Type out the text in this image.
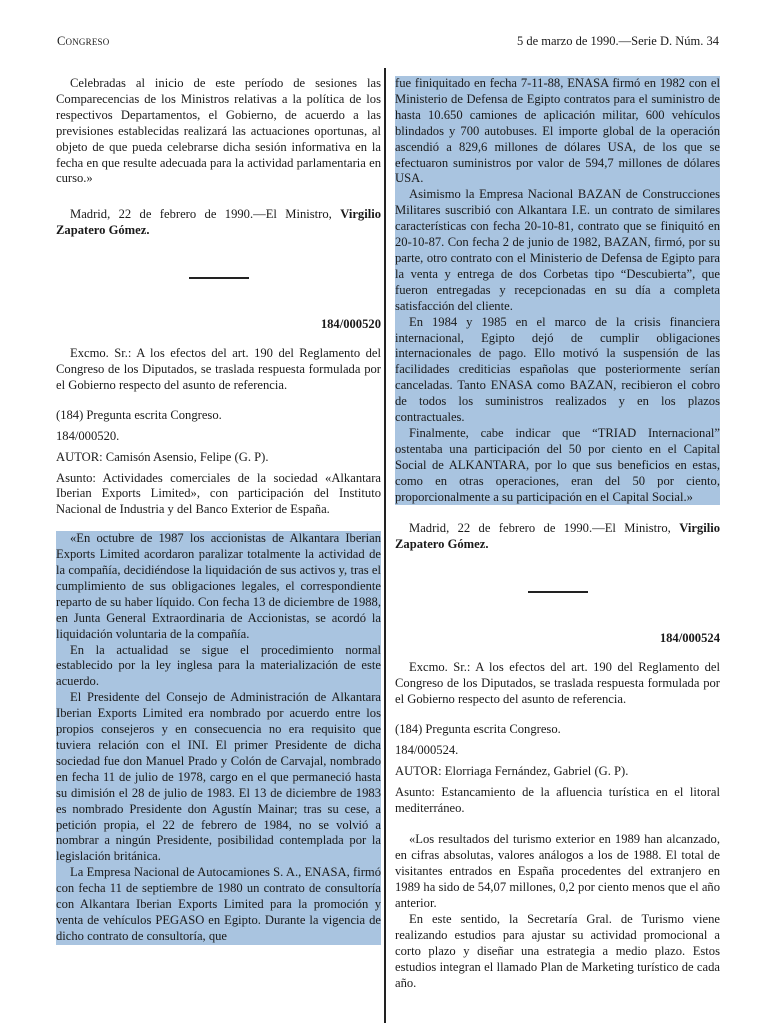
Congreso	5 de marzo de 1990.—Serie D. Núm. 34

Celebradas al inicio de este período de sesiones las Comparecencias de los Ministros relativas a la política de los respectivos Departamentos, el Gobierno, de acuerdo a las previsiones establecidas realizará las actuaciones oportunas, al objeto de que pueda celebrarse dicha sesión informativa en la fecha en que resulte adecuada para la actividad parlamentaria en curso.»

Madrid, 22 de febrero de 1990.—El Ministro, Virgilio Zapatero Gómez.

184/000520

Excmo. Sr.: A los efectos del art. 190 del Reglamento del Congreso de los Diputados, se traslada respuesta formulada por el Gobierno respecto del asunto de referencia.

(184) Pregunta escrita Congreso.

184/000520.

AUTOR: Camisón Asensio, Felipe (G. P).

Asunto: Actividades comerciales de la sociedad «Alkantara Iberian Exports Limited», con participación del Instituto Nacional de Industria y del Banco Exterior de España.

«En octubre de 1987 los accionistas de Alkantara Iberian Exports Limited acordaron paralizar totalmente la actividad de la compañía, decidiéndose la liquidación de sus activos y, tras el cumplimiento de sus obligaciones legales, el correspondiente reparto de su haber líquido. Con fecha 13 de diciembre de 1988, en Junta General Extraordinaria de Accionistas, se acordó la liquidación voluntaria de la compañía.

En la actualidad se sigue el procedimiento normal establecido por la ley inglesa para la materialización de este acuerdo.

El Presidente del Consejo de Administración de Alkantara Iberian Exports Limited era nombrado por acuerdo entre los propios consejeros y en consecuencia no era requisito que tuviera relación con el INI. El primer Presidente de dicha sociedad fue don Manuel Prado y Colón de Carvajal, nombrado en fecha 11 de julio de 1978, cargo en el que permaneció hasta su dimisión el 28 de julio de 1983. El 13 de diciembre de 1983 es nombrado Presidente don Agustín Mainar; tras su cese, a petición propia, el 22 de febrero de 1984, no se volvió a nombrar a ningún Presidente, posibilidad contemplada por la legislación británica.

La Empresa Nacional de Autocamiones S. A., ENASA, firmó con fecha 11 de septiembre de 1980 un contrato de consultoría con Alkantara Iberian Exports Limited para la promoción y venta de vehículos PEGASO en Egipto. Durante la vigencia de dicho contrato de consultoría, que

fue finiquitado en fecha 7-11-88, ENASA firmó en 1982 con el Ministerio de Defensa de Egipto contratos para el suministro de hasta 10.650 camiones de aplicación militar, 600 vehículos blindados y 700 autobuses. El importe global de la operación ascendió a 829,6 millones de dólares USA, de los que se efectuaron suministros por valor de 594,7 millones de dólares USA.

Asimismo la Empresa Nacional BAZAN de Construcciones Militares suscribió con Alkantara I.E. un contrato de similares características con fecha 20-10-81, contrato que se finiquitó en 20-10-87. Con fecha 2 de junio de 1982, BAZAN, firmó, por su parte, otro contrato con el Ministerio de Defensa de Egipto para la venta y entrega de dos Corbetas tipo “Descubierta”, que fueron entregadas y recepcionadas en su día a completa satisfacción del cliente.

En 1984 y 1985 en el marco de la crisis financiera internacional, Egipto dejó de cumplir obligaciones internacionales de pago. Ello motivó la suspensión de las facilidades crediticias españolas que posteriormente serían canceladas. Tanto ENASA como BAZAN, recibieron el cobro de todos los suministros realizados y en los plazos contractuales.

Finalmente, cabe indicar que “TRIAD Internacional” ostentaba una participación del 50 por ciento en el Capital Social de ALKANTARA, por lo que sus beneficios en estas, como en otras operaciones, eran del 50 por ciento, proporcionalmente a su participación en el Capital Social.»

Madrid, 22 de febrero de 1990.—El Ministro, Virgilio Zapatero Gómez.

184/000524

Excmo. Sr.: A los efectos del art. 190 del Reglamento del Congreso de los Diputados, se traslada respuesta formulada por el Gobierno respecto del asunto de referencia.

(184) Pregunta escrita Congreso.

184/000524.

AUTOR: Elorriaga Fernández, Gabriel (G. P).

Asunto: Estancamiento de la afluencia turística en el litoral mediterráneo.

«Los resultados del turismo exterior en 1989 han alcanzado, en cifras absolutas, valores análogos a los de 1988. El total de visitantes entrados en España procedentes del extranjero en 1989 ha sido de 54,07 millones, 0,2 por ciento menos que el año anterior.

En este sentido, la Secretaría Gral. de Turismo viene realizando estudios para ajustar su actividad promocional a corto plazo y diseñar una estrategia a medio plazo. Estos estudios integran el llamado Plan de Marketing turístico de cada año.
